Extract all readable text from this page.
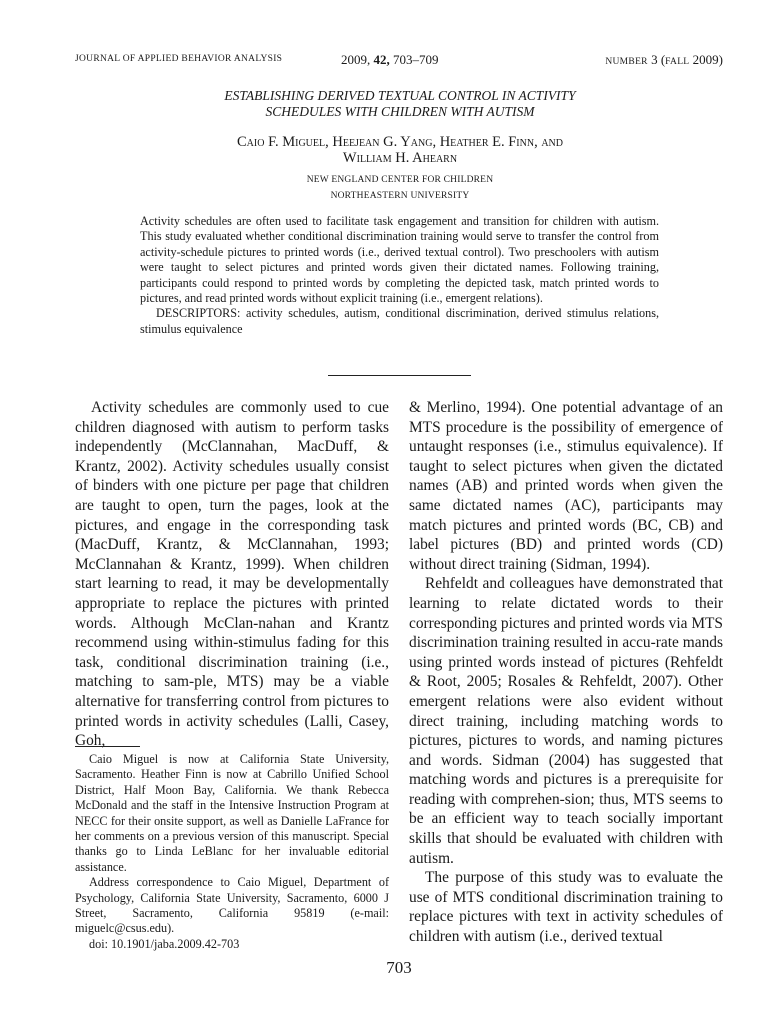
JOURNAL OF APPLIED BEHAVIOR ANALYSIS	2009, 42, 703–709	NUMBER 3 (FALL 2009)
ESTABLISHING DERIVED TEXTUAL CONTROL IN ACTIVITY
SCHEDULES WITH CHILDREN WITH AUTISM
Caio F. Miguel, Heejean G. Yang, Heather E. Finn, and
William H. Ahearn
NEW ENGLAND CENTER FOR CHILDREN
NORTHEASTERN UNIVERSITY

Activity schedules are often used to facilitate task engagement and transition for children with autism. This study evaluated whether conditional discrimination training would serve to transfer the control from activity-schedule pictures to printed words (i.e., derived textual control). Two preschoolers with autism were taught to select pictures and printed words given their dictated names. Following training, participants could respond to printed words by completing the depicted task, match printed words to pictures, and read printed words without explicit training (i.e., emergent relations).

DESCRIPTORS: activity schedules, autism, conditional discrimination, derived stimulus relations, stimulus equivalence

Activity schedules are commonly used to cue children diagnosed with autism to perform tasks independently (McClannahan, MacDuff, & Krantz, 2002). Activity schedules usually consist of binders with one picture per page that children are taught to open, turn the pages, look at the pictures, and engage in the corresponding task (MacDuff, Krantz, & McClannahan, 1993; McClannahan & Krantz, 1999). When children start learning to read, it may be developmentally appropriate to replace the pictures with printed words. Although McClan-nahan and Krantz recommend using within-stimulus fading for this task, conditional discrimination training (i.e., matching to sam-ple, MTS) may be a viable alternative for transferring control from pictures to printed words in activity schedules (Lalli, Casey, Goh,

& Merlino, 1994). One potential advantage of an MTS procedure is the possibility of emergence of untaught responses (i.e., stimulus equivalence). If taught to select pictures when given the dictated names (AB) and printed words when given the same dictated names (AC), participants may match pictures and printed words (BC, CB) and label pictures (BD) and printed words (CD) without direct training (Sidman, 1994).

Rehfeldt and colleagues have demonstrated that learning to relate dictated words to their corresponding pictures and printed words via MTS discrimination training resulted in accu-rate mands using printed words instead of pictures (Rehfeldt & Root, 2005; Rosales & Rehfeldt, 2007). Other emergent relations were also evident without direct training, including matching words to pictures, pictures to words, and naming pictures and words. Sidman (2004) has suggested that matching words and pictures is a prerequisite for reading with comprehen-sion; thus, MTS seems to be an efficient way to teach socially important skills that should be evaluated with children with autism.

The purpose of this study was to evaluate the use of MTS conditional discrimination training to replace pictures with text in activity schedules of children with autism (i.e., derived textual

Caio Miguel is now at California State University, Sacramento. Heather Finn is now at Cabrillo Unified School District, Half Moon Bay, California. We thank Rebecca McDonald and the staff in the Intensive Instruction Program at NECC for their onsite support, as well as Danielle LaFrance for her comments on a previous version of this manuscript. Special thanks go to Linda LeBlanc for her invaluable editorial assistance.

Address correspondence to Caio Miguel, Department of Psychology, California State University, Sacramento, 6000 J Street, Sacramento, California 95819 (e-mail: miguelc@csus.edu).

doi: 10.1901/jaba.2009.42-703

703
